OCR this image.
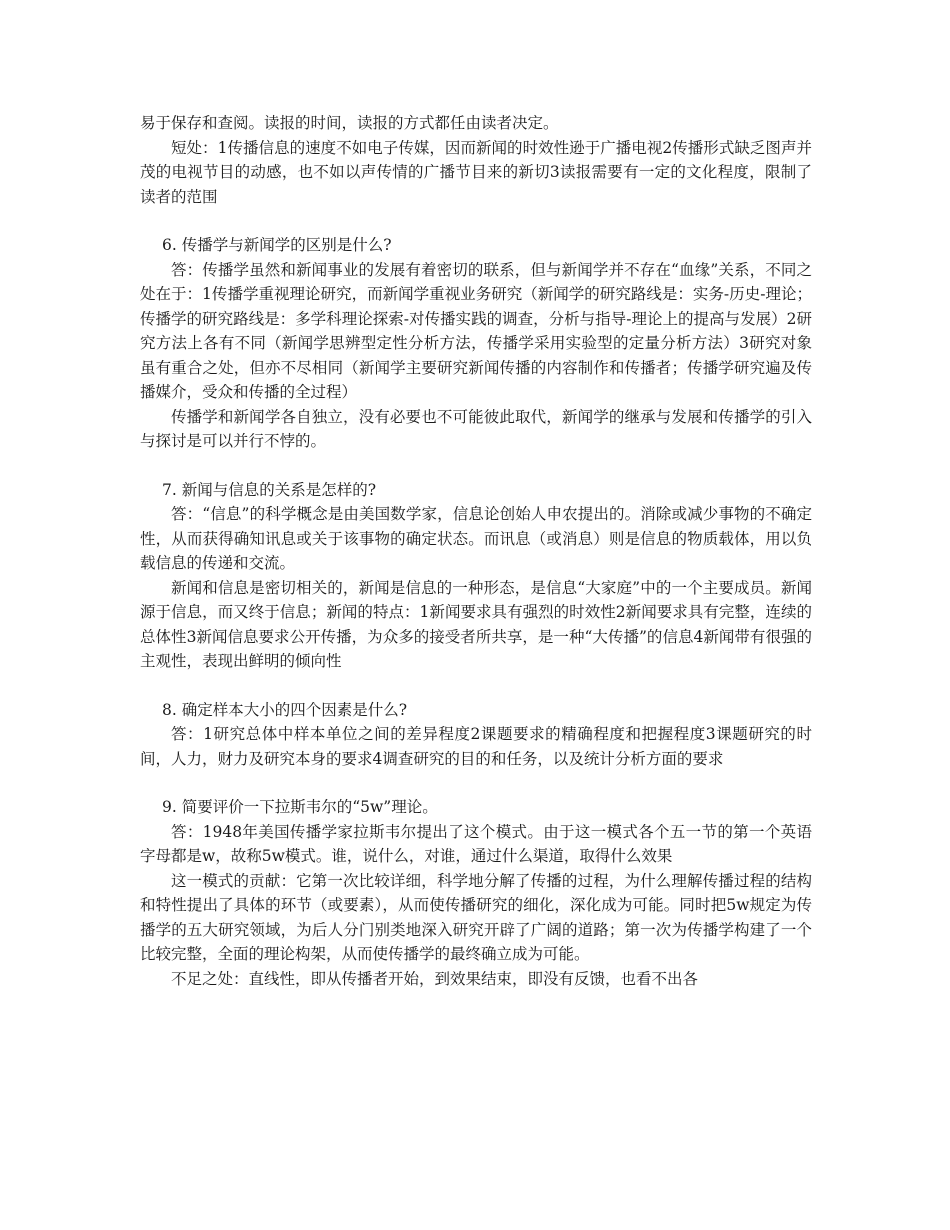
易于保存和查阅。读报的时间，读报的方式都任由读者决定。

短处：1传播信息的速度不如电子传媒，因而新闻的时效性逊于广播电视2传播形式缺乏图声并茂的电视节目的动感，也不如以声传情的广播节目来的新切3读报需要有一定的文化程度，限制了读者的范围

6. 传播学与新闻学的区别是什么?

答：传播学虽然和新闻事业的发展有着密切的联系，但与新闻学并不存在“血缘”关系，不同之处在于：1传播学重视理论研究，而新闻学重视业务研究（新闻学的研究路线是：实务-历史-理论；传播学的研究路线是：多学科理论探索-对传播实践的调查，分析与指导-理论上的提高与发展）2研究方法上各有不同（新闻学思辨型定性分析方法，传播学采用实验型的定量分析方法）3研究对象虽有重合之处，但亦不尽相同（新闻学主要研究新闻传播的内容制作和传播者；传播学研究遍及传播媒介，受众和传播的全过程）

传播学和新闻学各自独立，没有必要也不可能彼此取代，新闻学的继承与发展和传播学的引入与探讨是可以并行不悖的。

7. 新闻与信息的关系是怎样的?

答：“信息”的科学概念是由美国数学家，信息论创始人申农提出的。消除或减少事物的不确定性，从而获得确知讯息或关于该事物的确定状态。而讯息（或消息）则是信息的物质载体，用以负载信息的传递和交流。

新闻和信息是密切相关的，新闻是信息的一种形态，是信息“大家庭”中的一个主要成员。新闻源于信息，而又终于信息；新闻的特点：1新闻要求具有强烈的时效性2新闻要求具有完整，连续的总体性3新闻信息要求公开传播，为众多的接受者所共享，是一种“大传播”的信息4新闻带有很强的主观性，表现出鲜明的倾向性

8. 确定样本大小的四个因素是什么?

答：1研究总体中样本单位之间的差异程度2课题要求的精确程度和把握程度3课题研究的时间，人力，财力及研究本身的要求4调查研究的目的和任务，以及统计分析方面的要求

9. 简要评价一下拉斯韦尔的“5w”理论。

答：1948年美国传播学家拉斯韦尔提出了这个模式。由于这一模式各个五一节的第一个英语字母都是w，故称5w模式。谁，说什么，对谁，通过什么渠道，取得什么效果

这一模式的贡献：它第一次比较详细，科学地分解了传播的过程，为什么理解传播过程的结构和特性提出了具体的环节（或要素），从而使传播研究的细化，深化成为可能。同时把5w规定为传播学的五大研究领域，为后人分门别类地深入研究开辟了广阔的道路；第一次为传播学构建了一个比较完整，全面的理论构架，从而使传播学的最终确立成为可能。

不足之处：直线性，即从传播者开始，到效果结束，即没有反馈，也看不出各
